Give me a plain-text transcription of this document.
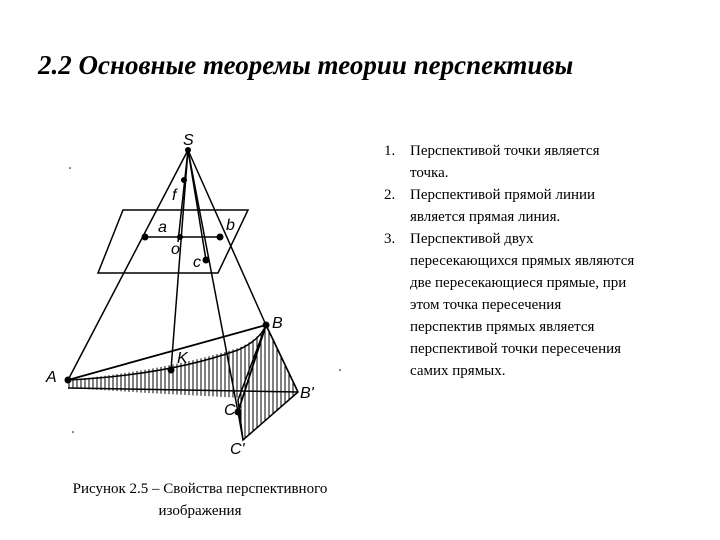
2.2 Основные теоремы теории перспективы
S
f
a	b
o
c
B
A
K
B'
C
C'
Рисунок 2.5 – Свойства перспективного
изображения
1. Перспективой точки является
точка.
2. Перспективой прямой линии
является прямая линия.
3. Перспективой двух
пересекающихся прямых являются
две пересекающиеся прямые, при
этом точка пересечения
перспектив прямых является
перспективой точки пересечения
самих прямых.
